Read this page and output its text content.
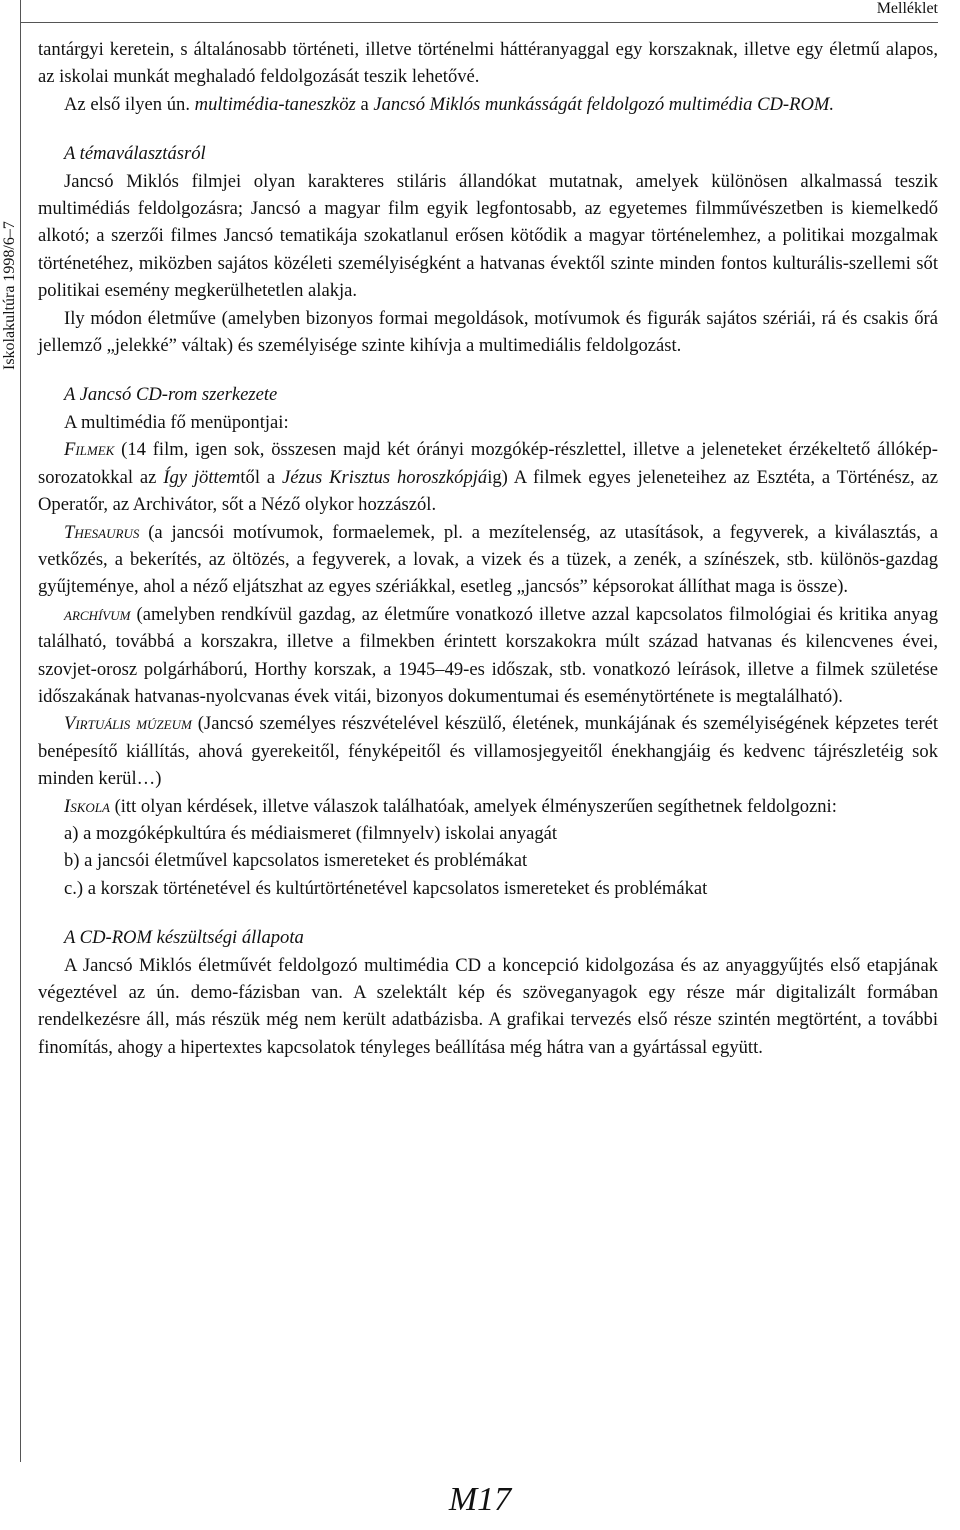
Iskolakultúra 1998/6–7
Melléklet

tantárgyi keretein, s általánosabb történeti, illetve történelmi háttéranyaggal egy korszaknak, illetve egy életmű alapos, az iskolai munkát meghaladó feldolgozását teszik lehetővé.

Az első ilyen ún. multimédia-taneszköz a Jancsó Miklós munkásságát feldolgozó multimédia CD-ROM.

A témaválasztásról

Jancsó Miklós filmjei olyan karakteres stiláris állandókat mutatnak, amelyek különösen alkalmassá teszik multimédiás feldolgozásra; Jancsó a magyar film egyik legfontosabb, az egyetemes filmművészetben is kiemelkedő alkotó; a szerzői filmes Jancsó tematikája szokatlanul erősen kötődik a magyar történelemhez, a politikai mozgalmak történetéhez, miközben sajátos közéleti személyiségként a hatvanas évektől szinte minden fontos kulturális-szellemi sőt politikai esemény megkerülhetetlen alakja.

Ily módon életműve (amelyben bizonyos formai megoldások, motívumok és figurák sajátos szériái, rá és csakis őrá jellemző „jelekké” váltak) és személyisége szinte kihívja a multimediális feldolgozást.

A Jancsó CD-rom szerkezete

A multimédia fő menüpontjai:

Filmek (14 film, igen sok, összesen majd két órányi mozgókép-részlettel, illetve a jeleneteket érzékeltető állókép-sorozatokkal az Így jöttemtől a Jézus Krisztus horoszkópjáig) A filmek egyes jeleneteihez az Esztéta, a Történész, az Operatőr, az Archivátor, sőt a Néző olykor hozzászól.

Thesaurus (a jancsói motívumok, formaelemek, pl. a mezítelenség, az utasítások, a fegyverek, a kiválasztás, a vetkőzés, a bekerítés, az öltözés, a fegyverek, a lovak, a vizek és a tüzek, a zenék, a színészek, stb. különös-gazdag gyűjteménye, ahol a néző eljátszhat az egyes szériákkal, esetleg „jancsós” képsorokat állíthat maga is össze).

archívum (amelyben rendkívül gazdag, az életműre vonatkozó illetve azzal kapcsolatos filmológiai és kritika anyag található, továbbá a korszakra, illetve a filmekben érintett korszakokra múlt század hatvanas és kilencvenes évei, szovjet-orosz polgárháború, Horthy korszak, a 1945–49-es időszak, stb. vonatkozó leírások, illetve a filmek születése időszakának hatvanas-nyolcvanas évek vitái, bizonyos dokumentumai és eseménytörténete is megtalálható).

Virtuális múzeum (Jancsó személyes részvételével készülő, életének, munkájának és személyiségének képzetes terét benépesítő kiállítás, ahová gyerekeitől, fényképeitől és villamosjegyeitől énekhangjáig és kedvenc tájrészletéig sok minden kerül…)

Iskola (itt olyan kérdések, illetve válaszok találhatóak, amelyek élményszerűen segíthetnek feldolgozni:

a) a mozgóképkultúra és médiaismeret (filmnyelv) iskolai anyagát

b) a jancsói életművel kapcsolatos ismereteket és problémákat

c.) a korszak történetével és kultúrtörténetével kapcsolatos ismereteket és problémákat

A CD-ROM készültségi állapota

A Jancsó Miklós életművét feldolgozó multimédia CD a koncepció kidolgozása és az anyaggyűjtés első etapjának végeztével az ún. demo-fázisban van. A szelektált kép és szöveganyagok egy része már digitalizált formában rendelkezésre áll, más részük még nem került adatbázisba. A grafikai tervezés első része szintén megtörtént, a további finomítás, ahogy a hipertextes kapcsolatok tényleges beállítása még hátra van a gyártással együtt.

M17
